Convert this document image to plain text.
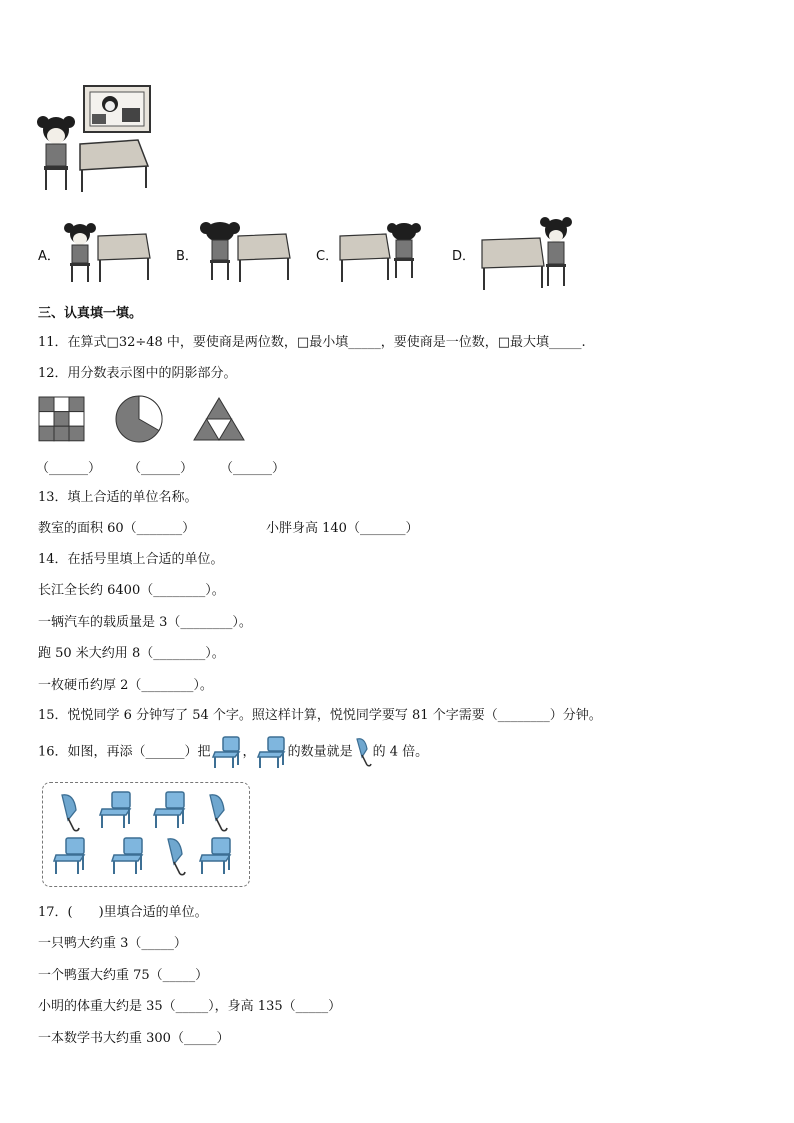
A．	B．	C．	D．
三、认真填一填。
11．在算式□32÷48 中，要使商是两位数，□最小填_____，要使商是一位数，□最大填_____.
12．用分数表示图中的阴影部分。
（______） （______） （______）
13．填上合适的单位名称。
教室的面积 60（_______）	小胖身高 140（_______）
14．在括号里填上合适的单位。
长江全长约 6400（________）。
一辆汽车的载质量是 3（________）。
跑 50 米大约用 8（________）。
一枚硬币约厚 2（________）。
15．悦悦同学 6 分钟写了 54 个字。照这样计算，悦悦同学要写 81 个字需要（________）分钟。
16．如图，再添（______）把 ， 的数量就是 的 4 倍。
17．(　　)里填合适的单位。
一只鸭大约重 3（_____）
一个鸭蛋大约重 75（_____）
小明的体重大约是 35（_____），身高 135（_____）
一本数学书大约重 300（_____）
